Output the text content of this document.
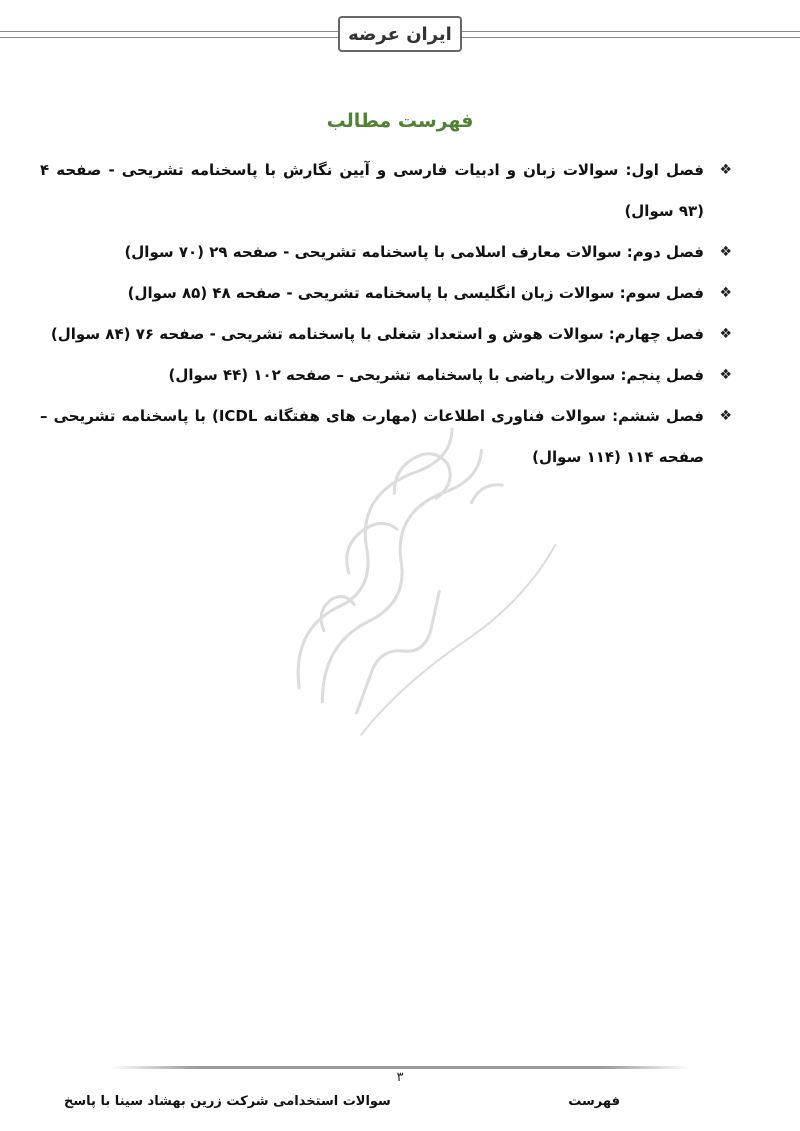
ایران عرضه
فهرست مطالب
❖
فصل اول: سوالات زبان و ادبیات فارسی و آیین نگارش با پاسخنامه تشریحی - صفحه ۴ (۹۳ سوال)
❖
فصل دوم: سوالات معارف اسلامی با پاسخنامه تشریحی - صفحه ۲۹ (۷۰ سوال)
❖
فصل سوم: سوالات زبان انگلیسی با پاسخنامه تشریحی - صفحه ۴۸ (۸۵ سوال)
❖
فصل چهارم: سوالات هوش و استعداد شغلی با پاسخنامه تشریحی - صفحه ۷۶ (۸۴ سوال)
❖
فصل پنجم: سوالات ریاضی با پاسخنامه تشریحی – صفحه ۱۰۲ (۴۴ سوال)
❖
فصل ششم: سوالات فناوری اطلاعات (مهارت های هفتگانه ICDL) با پاسخنامه تشریحی – صفحه ۱۱۴ (۱۱۴ سوال)
۳
سوالات استخدامی شرکت زرین بهشاد سینا با پاسخ	فهرست
